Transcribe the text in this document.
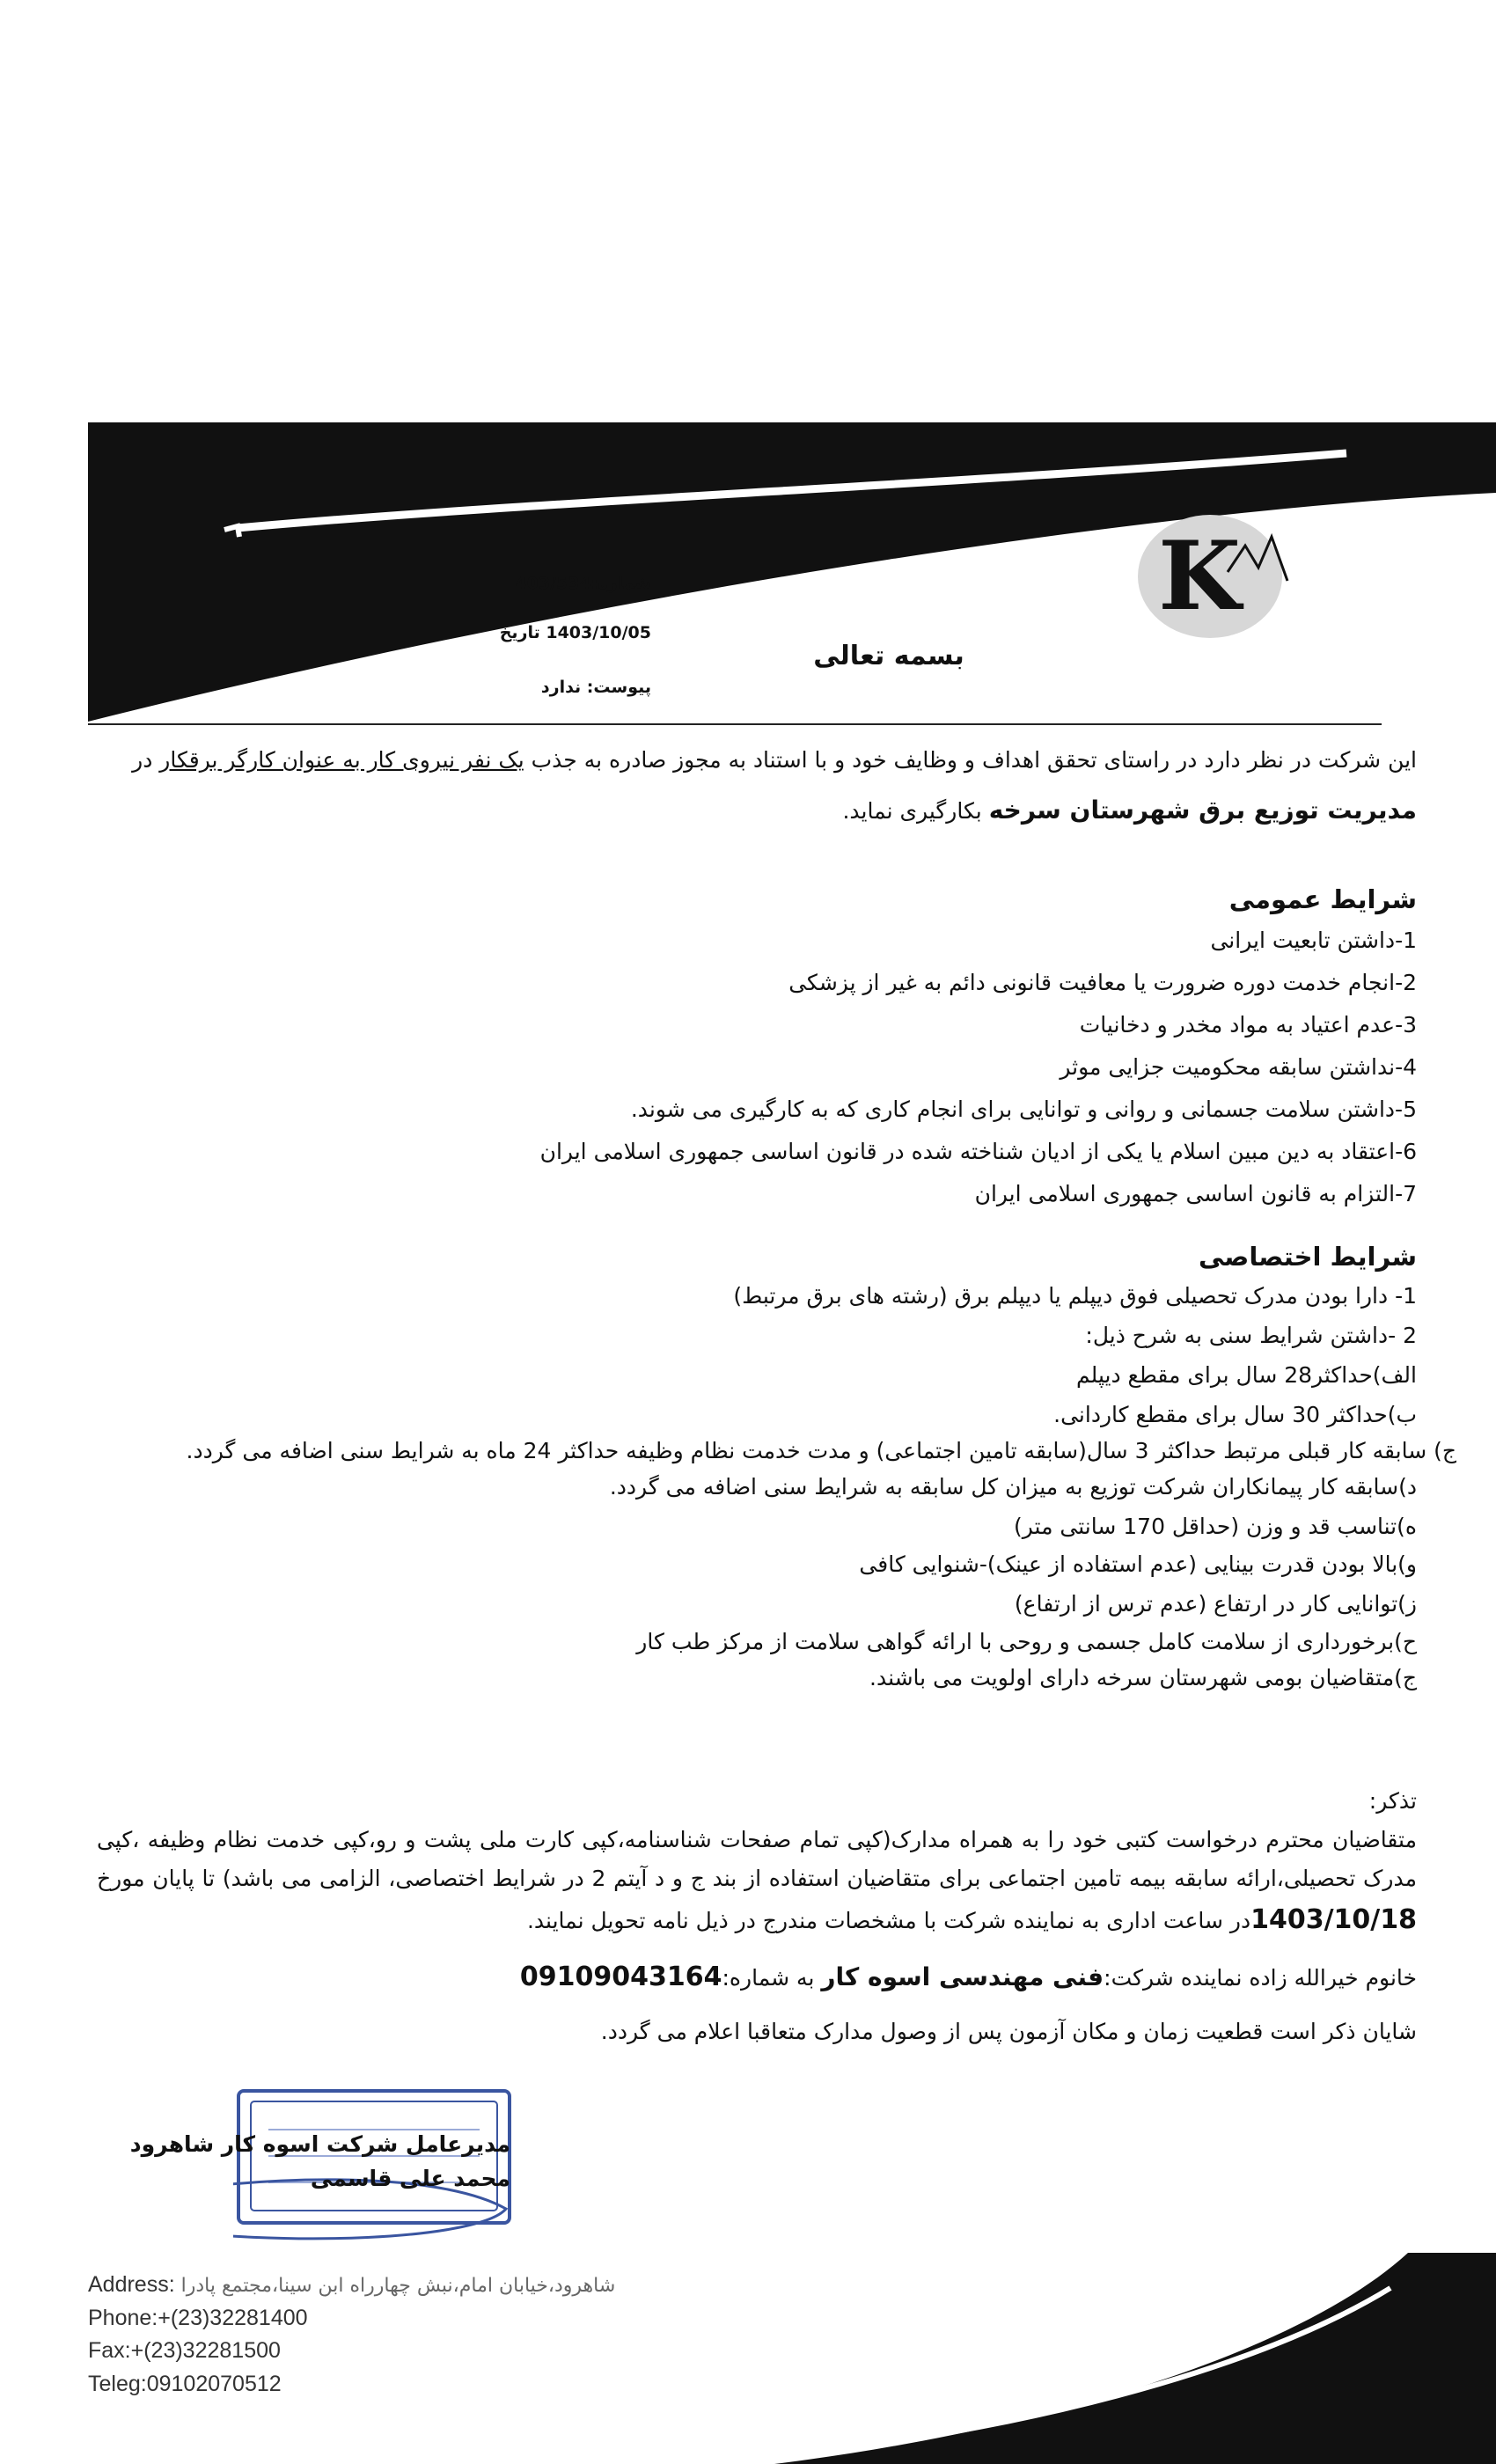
K
شماره:403/534
1403/10/05 تاریخ
پیوست: ندارد
بسمه تعالی
این شرکت در نظر دارد در راستای تحقق اهداف و وظایف خود و با استناد به مجوز صادره به جذب یک نفر نیروی کار به عنوان کارگر برقکار در
مدیریت توزیع برق شهرستان سرخه بکارگیری نماید.
شرایط عمومی
1-داشتن تابعیت ایرانی
2-انجام خدمت دوره ضرورت یا معافیت قانونی دائم به غیر از پزشکی
3-عدم اعتیاد به مواد مخدر و دخانیات
4-نداشتن سابقه محکومیت جزایی موثر
5-داشتن سلامت جسمانی و روانی و توانایی برای انجام کاری که به کارگیری می شوند.
6-اعتقاد به دین مبین اسلام یا یکی از ادیان شناخته شده در قانون اساسی جمهوری اسلامی ایران
7-التزام به قانون اساسی جمهوری اسلامی ایران
شرایط اختصاصی
1- دارا بودن مدرک تحصیلی فوق دیپلم یا دیپلم برق (رشته های برق مرتبط)
2 -داشتن شرایط سنی به شرح ذیل:
الف)حداکثر28 سال برای مقطع دیپلم
ب)حداکثر 30 سال برای مقطع کاردانی.
ج) سابقه کار قبلی مرتبط حداکثر 3 سال(سابقه تامین اجتماعی) و مدت خدمت نظام وظیفه حداکثر 24 ماه به شرایط سنی اضافه می گردد.
د)سابقه کار پیمانکاران شرکت توزیع به میزان کل سابقه به شرایط سنی اضافه می گردد.
ه)تناسب قد و وزن (حداقل 170 سانتی متر)
و)بالا بودن قدرت بینایی (عدم استفاده از عینک)-شنوایی کافی
ز)توانایی کار در ارتفاع (عدم ترس از ارتفاع)
ح)برخورداری از سلامت کامل جسمی و روحی با ارائه گواهی سلامت از مرکز طب کار
ج)متقاضیان بومی شهرستان سرخه دارای اولویت می باشند.
تذکر:
متقاضیان محترم درخواست کتبی خود را به همراه مدارک(کپی تمام صفحات شناسنامه،کپی کارت ملی پشت و رو،کپی خدمت نظام وظیفه ،کپی مدرک تحصیلی،ارائه سابقه بیمه تامین اجتماعی برای متقاضیان استفاده از بند ج و د آیتم 2 در شرایط اختصاصی، الزامی می باشد) تا پایان مورخ 1403/10/18در ساعت اداری به نماینده شرکت با مشخصات مندرج در ذیل نامه تحویل نمایند.
خانوم خیرالله زاده نماینده شرکت:فنی مهندسی اسوه کار به شماره:09109043164
شایان ذکر است قطعیت زمان و مکان آزمون پس از وصول مدارک متعاقبا اعلام می گردد.
مدیرعامل شرکت اسوه کار شاهرود
محمد علی قاسمی
Address: شاهرود،خیابان امام،نبش چهارراه ابن سینا،مجتمع پادرا
Phone:+(23)32281400
Fax:+(23)32281500
Teleg:09102070512
